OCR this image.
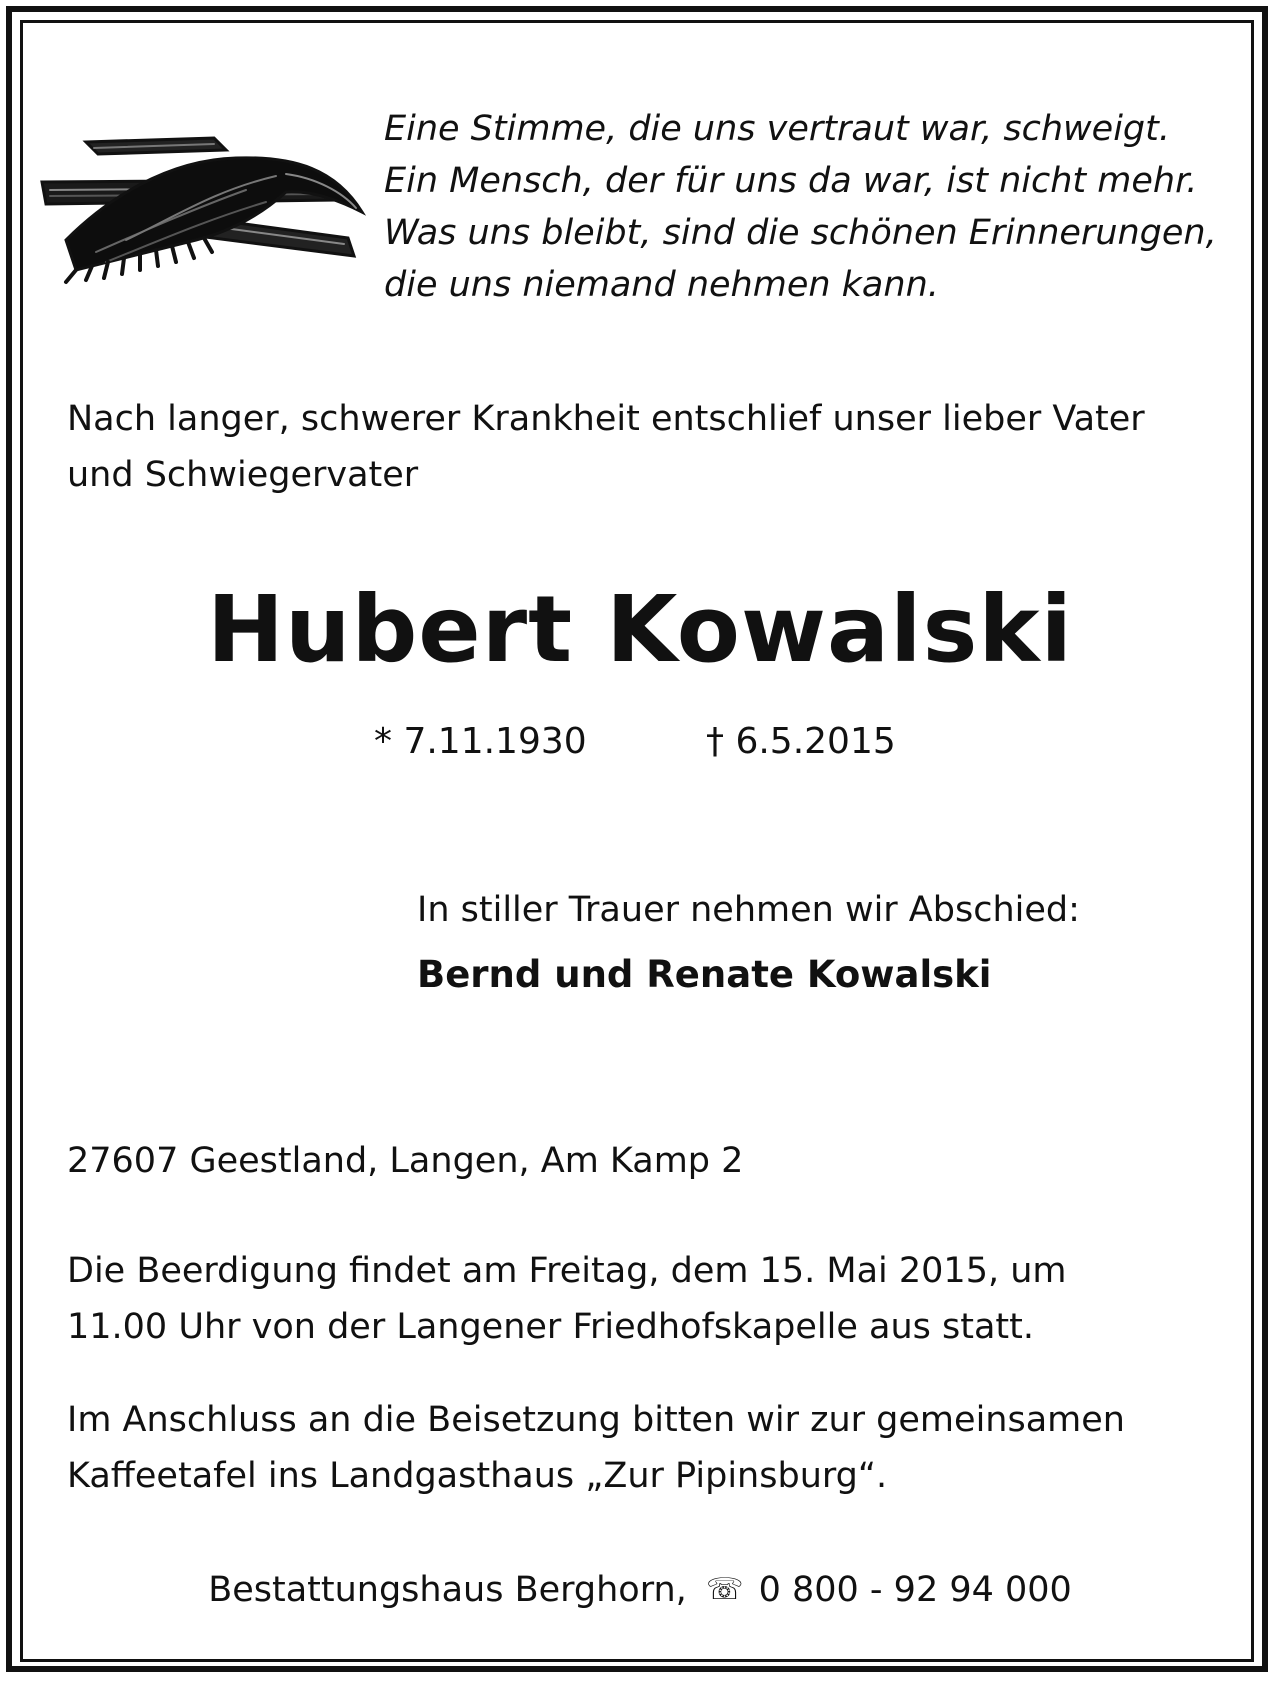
Eine Stimme, die uns vertraut war, schweigt.
Ein Mensch, der für uns da war, ist nicht mehr.
Was uns bleibt, sind die schönen Erinnerungen,
die uns niemand nehmen kann.
Nach langer, schwerer Krankheit entschlief unser lieber Vater
und Schwiegervater
Hubert Kowalski
* 7.11.1930	† 6.5.2015
In stiller Trauer nehmen wir Abschied:
Bernd und Renate Kowalski
27607 Geestland, Langen, Am Kamp 2
Die Beerdigung findet am Freitag, dem 15. Mai 2015, um
11.00 Uhr von der Langener Friedhofskapelle aus statt.
Im Anschluss an die Beisetzung bitten wir zur gemeinsamen
Kaffeetafel ins Landgasthaus „Zur Pipinsburg“.
Bestattungshaus Berghorn, ☏ 0 800 - 92 94 000
